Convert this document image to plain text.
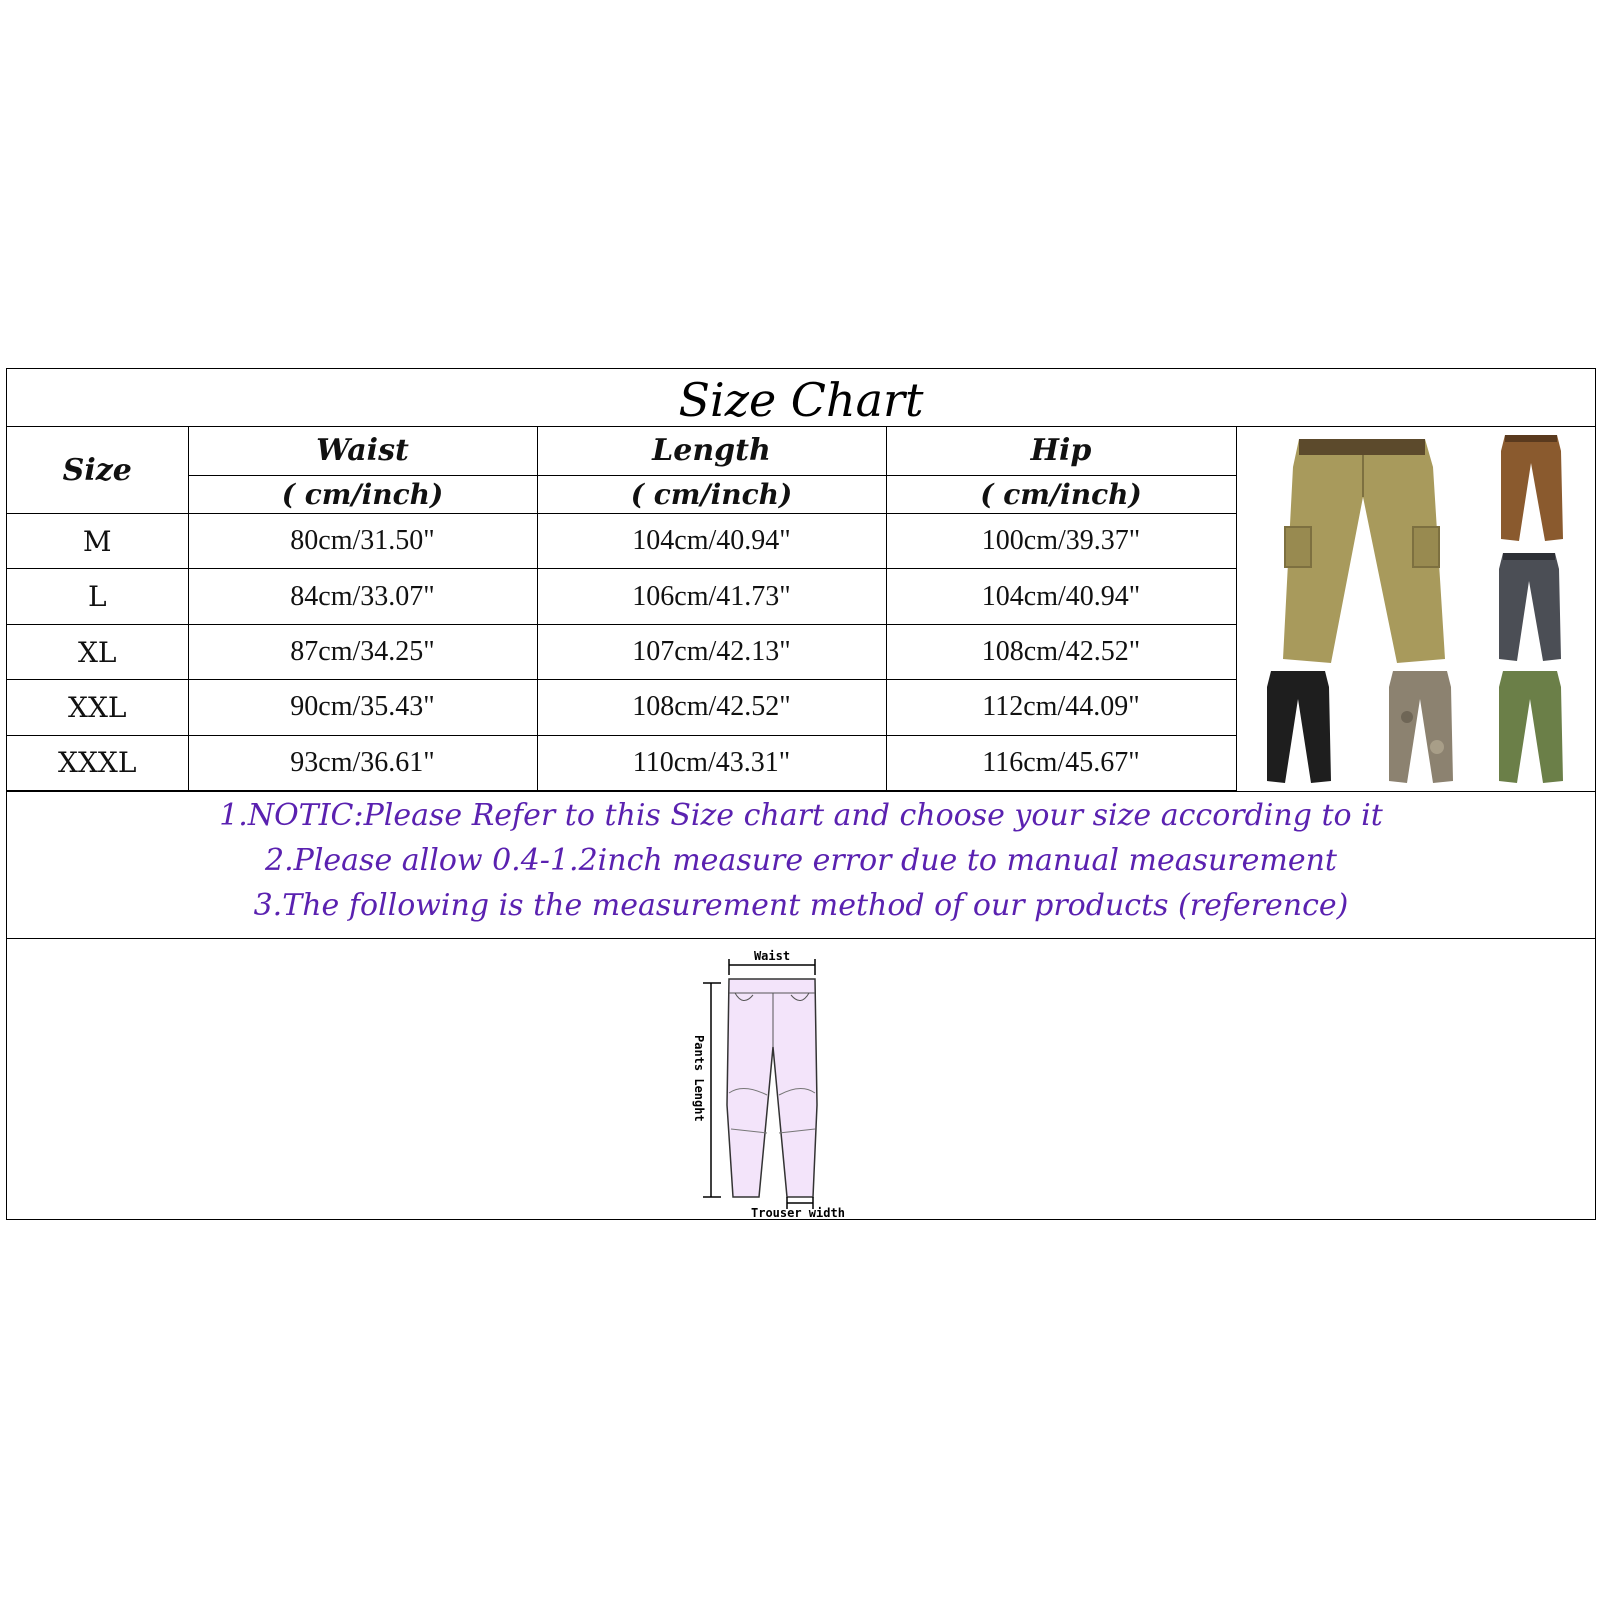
Size Chart
Size	Waist	Length	Hip
	( cm/inch)	( cm/inch)	( cm/inch)
M	80cm/31.50"	104cm/40.94"	100cm/39.37"
L	84cm/33.07"	106cm/41.73"	104cm/40.94"
XL	87cm/34.25"	107cm/42.13"	108cm/42.52"
XXL	90cm/35.43"	108cm/42.52"	112cm/44.09"
XXXL	93cm/36.61"	110cm/43.31"	116cm/45.67"
1.NOTIC:Please Refer to this Size chart and choose your size according to it
2.Please allow 0.4-1.2inch measure error due to manual measurement
3.The following is the measurement method of our products (reference)
Waist
Pants Lenght
Trouser width
